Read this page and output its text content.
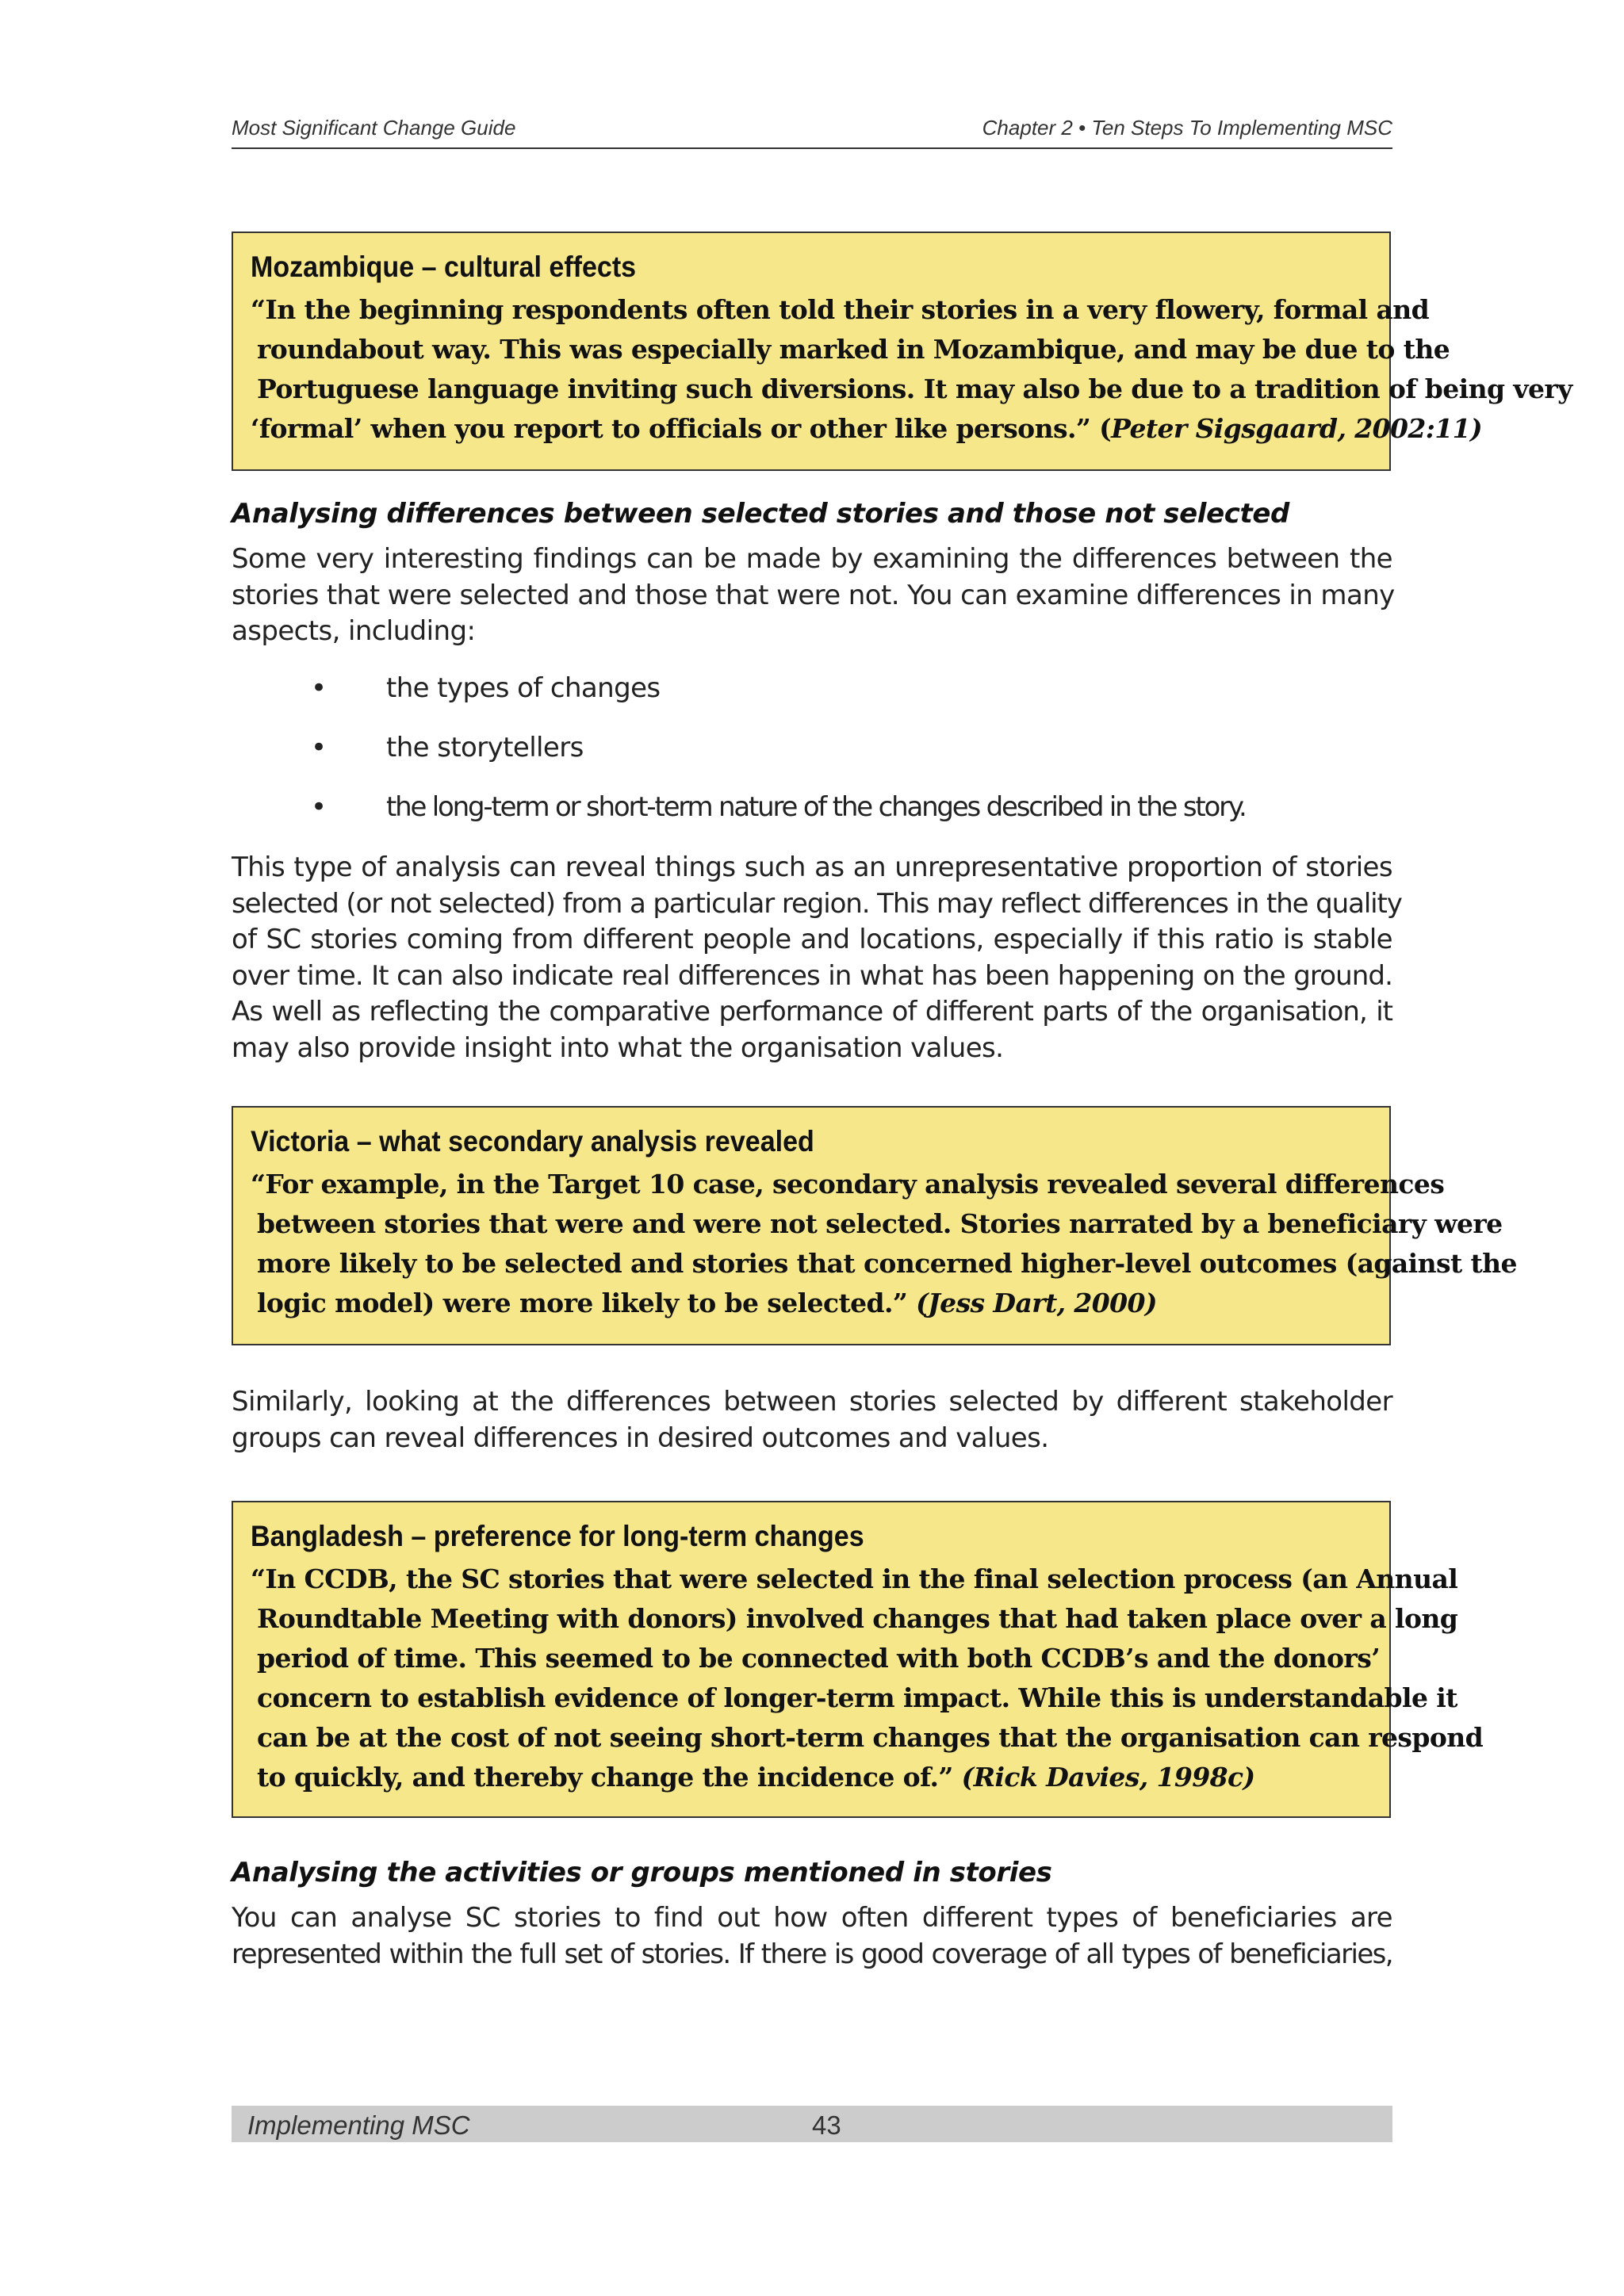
Most Significant Change Guide	Chapter 2 • Ten Steps To Implementing MSC
Mozambique – cultural effects

“In the beginning respondents often told their stories in a very flowery, formal and
roundabout way. This was especially marked in Mozambique, and may be due to the
Portuguese language inviting such diversions. It may also be due to a tradition of being very
‘formal’ when you report to officials or other like persons.” (Peter Sigsgaard, 2002:11)

Analysing differences between selected stories and those not selected

Some very interesting findings can be made by examining the differences between the
stories that were selected and those that were not. You can examine differences in many
aspects, including:

• the types of changes
• the storytellers
• the long-term or short-term nature of the changes described in the story.

This type of analysis can reveal things such as an unrepresentative proportion of stories
selected (or not selected) from a particular region. This may reflect differences in the quality
of SC stories coming from different people and locations, especially if this ratio is stable
over time. It can also indicate real differences in what has been happening on the ground.
As well as reflecting the comparative performance of different parts of the organisation, it
may also provide insight into what the organisation values.

Victoria – what secondary analysis revealed

“For example, in the Target 10 case, secondary analysis revealed several differences
between stories that were and were not selected. Stories narrated by a beneficiary were
more likely to be selected and stories that concerned higher-level outcomes (against the
logic model) were more likely to be selected.” (Jess Dart, 2000)

Similarly, looking at the differences between stories selected by different stakeholder
groups can reveal differences in desired outcomes and values.

Bangladesh – preference for long-term changes

“In CCDB, the SC stories that were selected in the final selection process (an Annual
Roundtable Meeting with donors) involved changes that had taken place over a long
period of time. This seemed to be connected with both CCDB’s and the donors’
concern to establish evidence of longer-term impact. While this is understandable it
can be at the cost of not seeing short-term changes that the organisation can respond
to quickly, and thereby change the incidence of.” (Rick Davies, 1998c)

Analysing the activities or groups mentioned in stories

You can analyse SC stories to find out how often different types of beneficiaries are
represented within the full set of stories. If there is good coverage of all types of beneficiaries,

Implementing MSC	43
